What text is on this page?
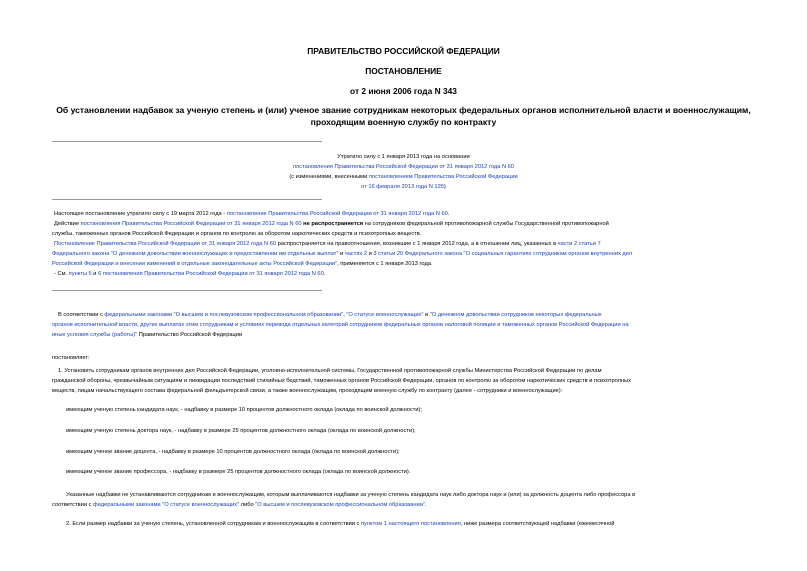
ПРАВИТЕЛЬСТВО РОССИЙСКОЙ ФЕДЕРАЦИИ
ПОСТАНОВЛЕНИЕ
от 2 июня 2006 года N 343
Об установлении надбавок за ученую степень и (или) ученое звание сотрудникам некоторых федеральных органов исполнительной власти и военнослужащим,
проходящим военную службу по контракту
Утратило силу с 1 января 2013 года на основании
постановления Правительства Российской Федерации от 31 января 2012 года N 60
(с изменениями, внесенными постановлением Правительства Российской Федерации
от 16 февраля 2013 года N 125)
Настоящее постановление утратило силу с 19 марта 2012 года - постановление Правительства Российской Федерации от 31 января 2012 года N 60.
Действие постановления Правительства Российской Федерации от 31 января 2012 года N 60 не распространяется на сотрудников федеральной противопожарной службы Государственной противопожарной
службы, таможенных органов Российской Федерации и органов по контролю за оборотом наркотических средств и психотропных веществ.
Постановление Правительства Российской Федерации от 31 января 2012 года N 60 распространяется на правоотношения, возникшие с 1 января 2012 года, а в отношении лиц, указанных в части 2 статьи 7
Федерального закона "О денежном довольствии военнослужащих и предоставлении им отдельных выплат" и частях 2 и 3 статьи 20 Федерального закона "О социальных гарантиях сотрудникам органов внутренних дел
Российской Федерации и внесении изменений в отдельные законодательные акты Российской Федерации", применяется с 1 января 2013 года.
- См. пункты 5 и 6 постановления Правительства Российской Федерации от 31 января 2012 года N 60.
В соответствии с федеральными законами "О высшем и послевузовском профессиональном образовании", "О статусе военнослужащих" и "О денежном довольствии сотрудников некоторых федеральных
органов исполнительной власти, других выплатах этим сотрудникам и условиях перевода отдельных категорий сотрудников федеральных органов налоговой полиции и таможенных органов Российской Федерации на
иные условия службы (работы)" Правительство Российской Федерации
постановляет:
1. Установить сотрудникам органов внутренних дел Российской Федерации, уголовно-исполнительной системы, Государственной противопожарной службы Министерства Российской Федерации по делам
гражданской обороны, чрезвычайным ситуациям и ликвидации последствий стихийных бедствий, таможенных органов Российской Федерации, органов по контролю за оборотом наркотических средств и психотропных
веществ, лицам начальствующего состава федеральной фельдъегерской связи, а также военнослужащим, проходящим военную службу по контракту (далее - сотрудники и военнослужащие):
имеющим ученую степень кандидата наук, - надбавку в размере 10 процентов должностного оклада (оклада по воинской должности);
имеющим ученую степень доктора наук, - надбавку в размере 25 процентов должностного оклада (оклада по воинской должности);
имеющим ученое звание доцента, - надбавку в размере 10 процентов должностного оклада (оклада по воинской должности);
имеющим ученое звание профессора, - надбавку в размере 25 процентов должностного оклада (оклада по воинской должности).
Указанные надбавки не устанавливаются сотрудникам и военнослужащим, которым выплачиваются надбавки за ученую степень кандидата наук либо доктора наук и (или) за должность доцента либо профессора в
соответствии с федеральными законами "О статусе военнослужащих" либо "О высшем и послевузовском профессиональном образовании".
2. Если размер надбавки за ученую степень, установленной сотрудникам и военнослужащим в соответствии с пунктом 1 настоящего постановления, ниже размера соответствующей надбавки (ежемесячной
